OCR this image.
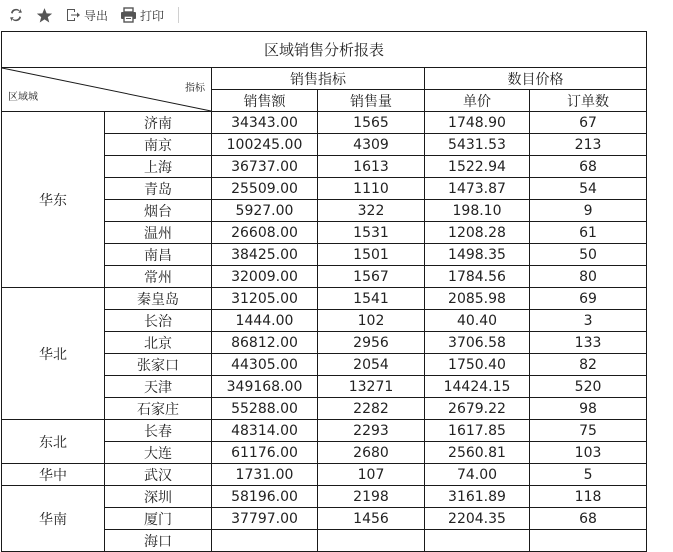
导出	打印
区域销售分析报表					

指标
区域城		销售指标		数目价格	
		销售额	销售量	单价	订单数
华东	济南	34343.00	1565	1748.90	67
	南京	100245.00	4309	5431.53	213
	上海	36737.00	1613	1522.94	68
	青岛	25509.00	1110	1473.87	54
	烟台	5927.00	322	198.10	9
	温州	26608.00	1531	1208.28	61
	南昌	38425.00	1501	1498.35	50
	常州	32009.00	1567	1784.56	80
华北	秦皇岛	31205.00	1541	2085.98	69
	长治	1444.00	102	40.40	3
	北京	86812.00	2956	3706.58	133
	张家口	44305.00	2054	1750.40	82
	天津	349168.00	13271	14424.15	520
	石家庄	55288.00	2282	2679.22	98
东北	长春	48314.00	2293	1617.85	75
	大连	61176.00	2680	2560.81	103
华中	武汉	1731.00	107	74.00	5
华南	深圳	58196.00	2198	3161.89	118
	厦门	37797.00	1456	2204.35	68
	海口				
